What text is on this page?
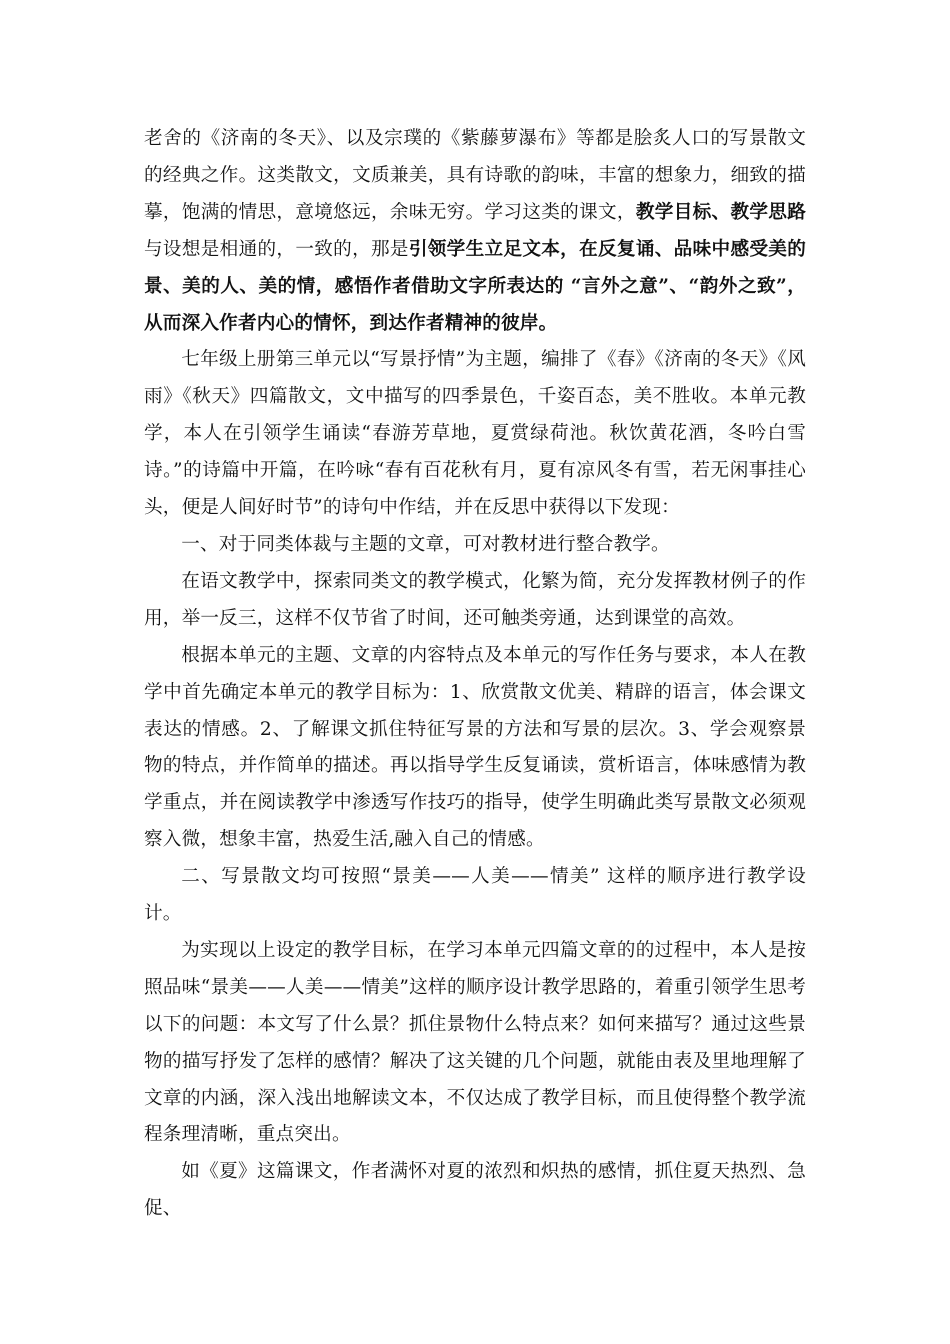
老舍的《济南的冬天》、以及宗璞的《紫藤萝瀑布》等都是脍炙人口的写景散文的经典之作。这类散文，文质兼美，具有诗歌的韵味，丰富的想象力，细致的描摹，饱满的情思，意境悠远，余味无穷。学习这类的课文，教学目标、教学思路与设想是相通的，一致的，那是引领学生立足文本，在反复诵、品味中感受美的景、美的人、美的情，感悟作者借助文字所表达的 “言外之意”、“韵外之致”，从而深入作者内心的情怀，到达作者精神的彼岸。

七年级上册第三单元以“写景抒情”为主题，编排了《春》《济南的冬天》《风雨》《秋天》四篇散文，文中描写的四季景色，千姿百态，美不胜收。本单元教学，本人在引领学生诵读“春游芳草地，夏赏绿荷池。秋饮黄花酒，冬吟白雪诗。”的诗篇中开篇，在吟咏“春有百花秋有月，夏有凉风冬有雪，若无闲事挂心头，便是人间好时节”的诗句中作结，并在反思中获得以下发现：

一、对于同类体裁与主题的文章，可对教材进行整合教学。

在语文教学中，探索同类文的教学模式，化繁为简，充分发挥教材例子的作用，举一反三，这样不仅节省了时间，还可触类旁通，达到课堂的高效。

根据本单元的主题、文章的内容特点及本单元的写作任务与要求，本人在教学中首先确定本单元的教学目标为：1、欣赏散文优美、精辟的语言，体会课文表达的情感。2、了解课文抓住特征写景的方法和写景的层次。3、学会观察景物的特点，并作简单的描述。再以指导学生反复诵读，赏析语言，体味感情为教学重点，并在阅读教学中渗透写作技巧的指导，使学生明确此类写景散文必须观察入微，想象丰富，热爱生活,融入自己的情感。

二、写景散文均可按照“景美——人美——情美” 这样的顺序进行教学设计。

为实现以上设定的教学目标，在学习本单元四篇文章的的过程中，本人是按照品味“景美——人美——情美”这样的顺序设计教学思路的，着重引领学生思考以下的问题：本文写了什么景？抓住景物什么特点来？如何来描写？通过这些景物的描写抒发了怎样的感情？解决了这关键的几个问题，就能由表及里地理解了文章的内涵，深入浅出地解读文本，不仅达成了教学目标，而且使得整个教学流程条理清晰，重点突出。

如《夏》这篇课文，作者满怀对夏的浓烈和炽热的感情，抓住夏天热烈、急促、
